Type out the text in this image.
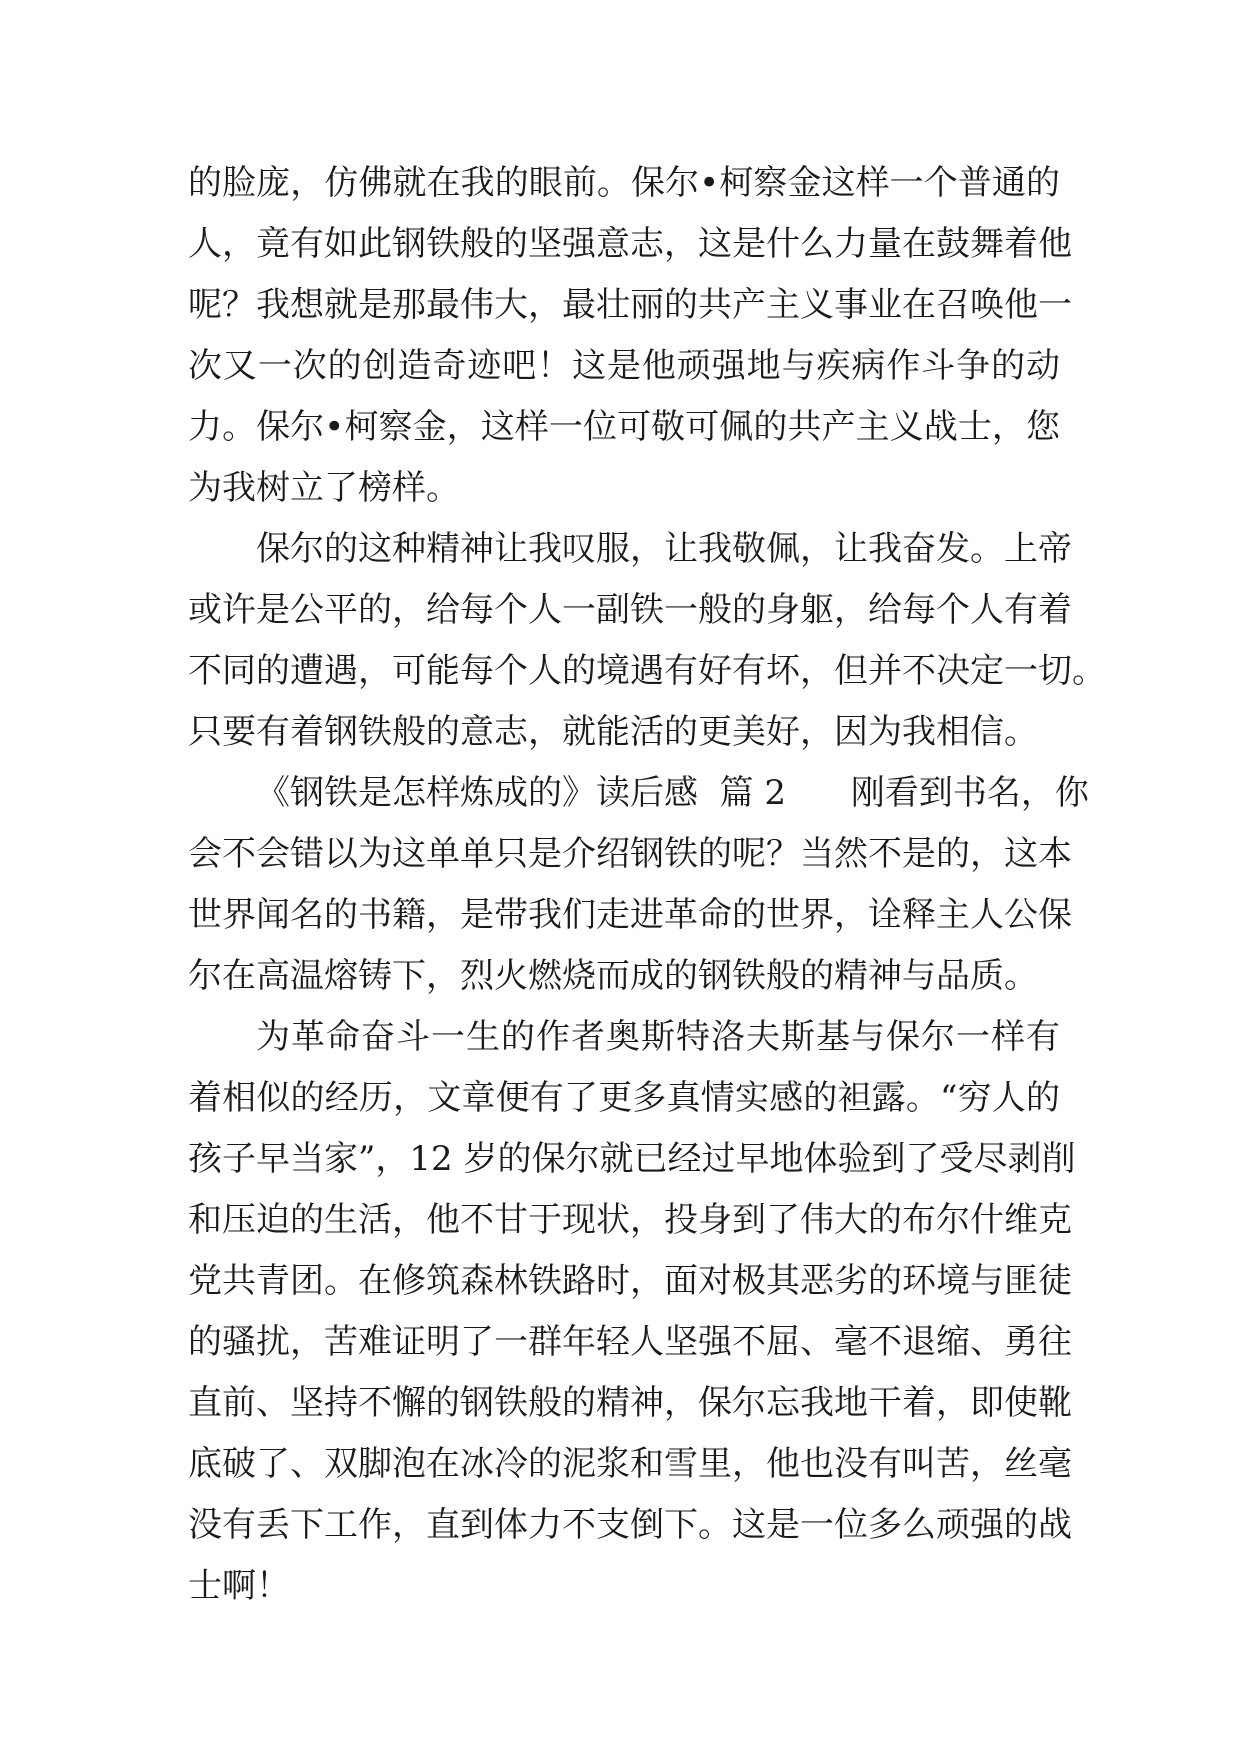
的脸庞，仿佛就在我的眼前。保尔•柯察金这样一个普通的
人，竟有如此钢铁般的坚强意志，这是什么力量在鼓舞着他
呢？我想就是那最伟大，最壮丽的共产主义事业在召唤他一
次又一次的创造奇迹吧！这是他顽强地与疾病作斗争的动
力。保尔•柯察金，这样一位可敬可佩的共产主义战士，您
为我树立了榜样。
保尔的这种精神让我叹服，让我敬佩，让我奋发。上帝
或许是公平的，给每个人一副铁一般的身躯，给每个人有着
不同的遭遇，可能每个人的境遇有好有坏，但并不决定一切。
只要有着钢铁般的意志，就能活的更美好，因为我相信。
《钢铁是怎样炼成的》读后感  篇 2      刚看到书名，你
会不会错以为这单单只是介绍钢铁的呢？当然不是的，这本
世界闻名的书籍，是带我们走进革命的世界，诠释主人公保
尔在高温熔铸下，烈火燃烧而成的钢铁般的精神与品质。
为革命奋斗一生的作者奥斯特洛夫斯基与保尔一样有
着相似的经历，文章便有了更多真情实感的袒露。“穷人的
孩子早当家”，12 岁的保尔就已经过早地体验到了受尽剥削
和压迫的生活，他不甘于现状，投身到了伟大的布尔什维克
党共青团。在修筑森林铁路时，面对极其恶劣的环境与匪徒
的骚扰，苦难证明了一群年轻人坚强不屈、毫不退缩、勇往
直前、坚持不懈的钢铁般的精神，保尔忘我地干着，即使靴
底破了、双脚泡在冰冷的泥浆和雪里，他也没有叫苦，丝毫
没有丢下工作，直到体力不支倒下。这是一位多么顽强的战
士啊！
